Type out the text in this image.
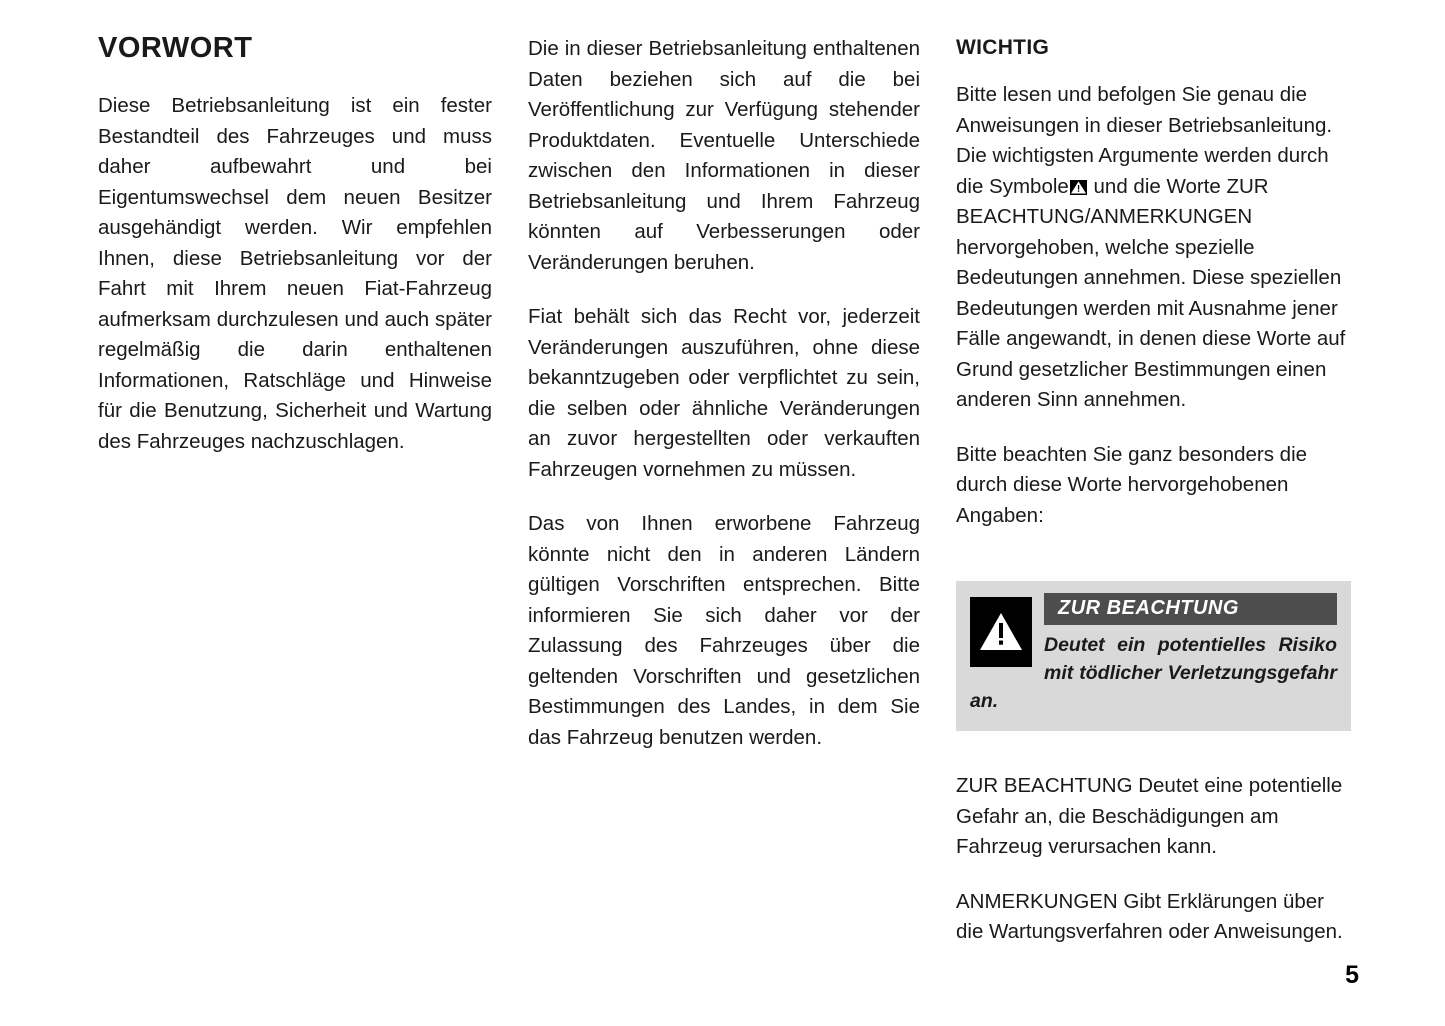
VORWORT

Diese Betriebsanleitung ist ein fester Bestandteil des Fahrzeuges und muss daher aufbewahrt und bei Eigentumswechsel dem neuen Besitzer ausgehändigt werden. Wir empfehlen Ihnen, diese Betriebsanleitung vor der Fahrt mit Ihrem neuen Fiat-Fahrzeug aufmerksam durchzulesen und auch später regelmäßig die darin enthaltenen Informationen, Ratschläge und Hinweise für die Benutzung, Sicherheit und Wartung des Fahrzeuges nachzuschlagen.

Die in dieser Betriebsanleitung enthaltenen Daten beziehen sich auf die bei Veröffentlichung zur Verfügung stehender Produktdaten. Eventuelle Unterschiede zwischen den Informationen in dieser Betriebsanleitung und Ihrem Fahrzeug könnten auf Verbesserungen oder Veränderungen beruhen.

Fiat behält sich das Recht vor, jederzeit Veränderungen auszuführen, ohne diese bekanntzugeben oder verpflichtet zu sein, die selben oder ähnliche Veränderungen an zuvor hergestellten oder verkauften Fahrzeugen vornehmen zu müssen.

Das von Ihnen erworbene Fahrzeug könnte nicht den in anderen Ländern gültigen Vorschriften entsprechen. Bitte informieren Sie sich daher vor der Zulassung des Fahrzeuges über die geltenden Vorschriften und gesetzlichen Bestimmungen des Landes, in dem Sie das Fahrzeug benutzen werden.

WICHTIG

Bitte lesen und befolgen Sie genau die Anweisungen in dieser Betriebsanleitung. Die wichtigsten Argumente werden durch die Symbole und die Worte ZUR BEACHTUNG/ANMERKUNGEN hervorgehoben, welche spezielle Bedeutungen annehmen. Diese speziellen Bedeutungen werden mit Ausnahme jener Fälle angewandt, in denen diese Worte auf Grund gesetzlicher Bestimmungen einen anderen Sinn annehmen.

Bitte beachten Sie ganz besonders die durch diese Worte hervorgehobenen Angaben:

ZUR BEACHTUNG

Deutet ein potentielles Risiko mit tödlicher Verletzungsgefahr an.

ZUR BEACHTUNG Deutet eine potentielle Gefahr an, die Beschädigungen am Fahrzeug verursachen kann.

ANMERKUNGEN Gibt Erklärungen über die Wartungsverfahren oder Anweisungen.

5
